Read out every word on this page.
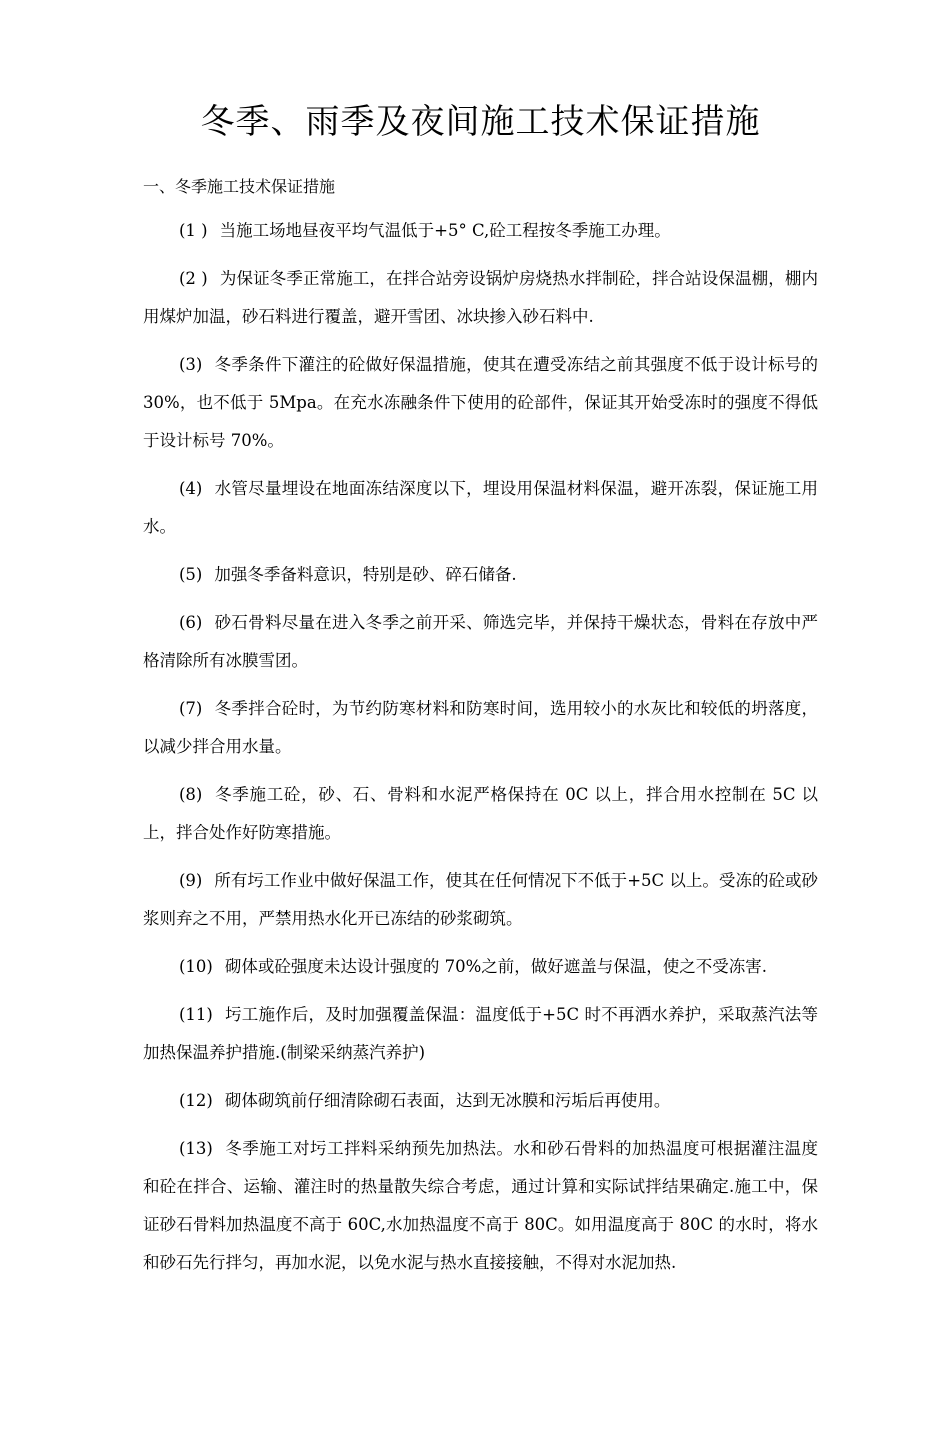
冬季、雨季及夜间施工技术保证措施
一、冬季施工技术保证措施

(1 ) 当施工场地昼夜平均气温低于+5° C,砼工程按冬季施工办理。

(2 ) 为保证冬季正常施工，在拌合站旁设锅炉房烧热水拌制砼，拌合站设保温棚，棚内用煤炉加温，砂石料进行覆盖，避开雪团、冰块掺入砂石料中.

(3) 冬季条件下灌注的砼做好保温措施，使其在遭受冻结之前其强度不低于设计标号的 30%，也不低于 5Mpa。在充水冻融条件下使用的砼部件，保证其开始受冻时的强度不得低于设计标号 70%。

(4) 水管尽量埋设在地面冻结深度以下，埋设用保温材料保温，避开冻裂，保证施工用水。

(5) 加强冬季备料意识，特别是砂、碎石储备.

(6) 砂石骨料尽量在进入冬季之前开采、筛选完毕，并保持干燥状态，骨料在存放中严格清除所有冰膜雪团。

(7) 冬季拌合砼时，为节约防寒材料和防寒时间，选用较小的水灰比和较低的坍落度，以减少拌合用水量。

(8) 冬季施工砼，砂、石、骨料和水泥严格保持在 0C 以上，拌合用水控制在 5C 以上，拌合处作好防寒措施。

(9) 所有圬工作业中做好保温工作，使其在任何情况下不低于+5C 以上。受冻的砼或砂浆则弃之不用，严禁用热水化开已冻结的砂浆砌筑。

(10) 砌体或砼强度未达设计强度的 70%之前，做好遮盖与保温，使之不受冻害.

(11) 圬工施作后，及时加强覆盖保温：温度低于+5C 时不再洒水养护，采取蒸汽法等加热保温养护措施.(制梁采纳蒸汽养护)

(12) 砌体砌筑前仔细清除砌石表面，达到无冰膜和污垢后再使用。

(13) 冬季施工对圬工拌料采纳预先加热法。水和砂石骨料的加热温度可根据灌注温度和砼在拌合、运输、灌注时的热量散失综合考虑，通过计算和实际试拌结果确定.施工中，保证砂石骨料加热温度不高于 60C,水加热温度不高于 80C。如用温度高于 80C 的水时，将水和砂石先行拌匀，再加水泥，以免水泥与热水直接接触，不得对水泥加热.
